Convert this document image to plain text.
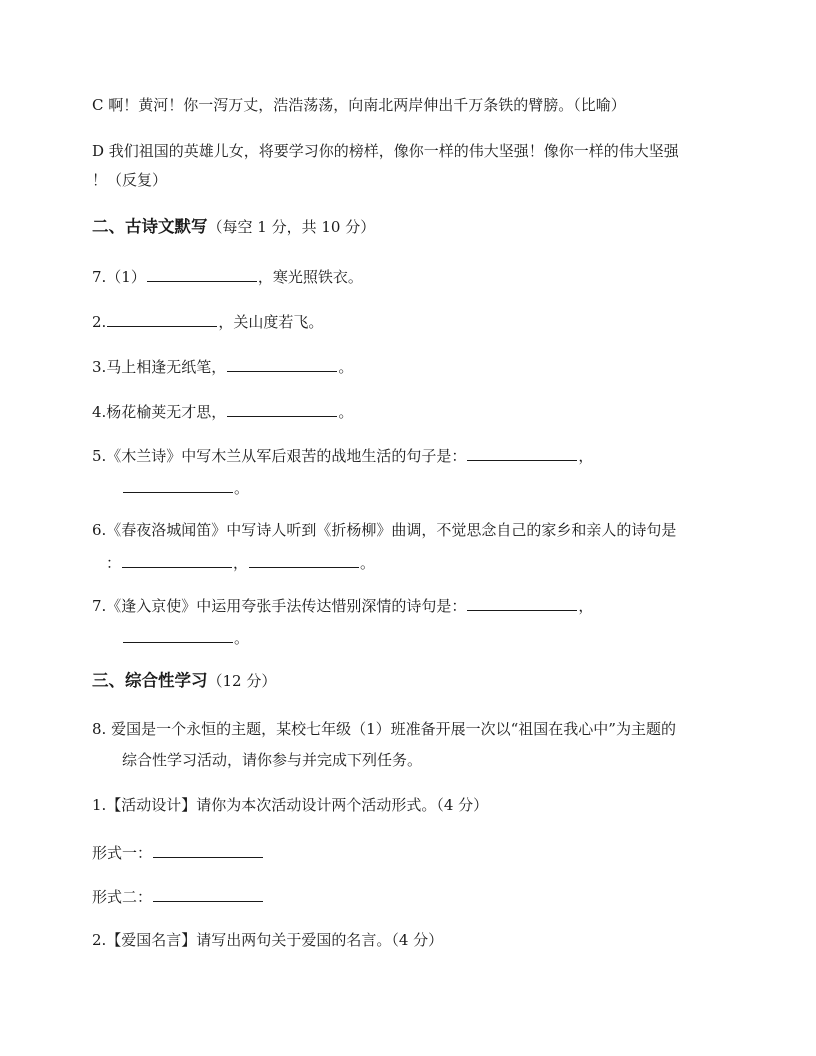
C 啊！黄河！你一泻万丈，浩浩荡荡，向南北两岸伸出千万条铁的臂膀。（比喻）
D 我们祖国的英雄儿女，将要学习你的榜样，像你一样的伟大坚强！像你一样的伟大坚强
！（反复）
二、古诗文默写（每空 1 分，共 10 分）
7.（1）	，寒光照铁衣。
2.	，关山度若飞。
3.马上相逢无纸笔，	。
4.杨花榆荚无才思，	。
5.《木兰诗》中写木兰从军后艰苦的战地生活的句子是：	，
。
6.《春夜洛城闻笛》中写诗人听到《折杨柳》曲调，不觉思念自己的家乡和亲人的诗句是
：	，	。
7.《逢入京使》中运用夸张手法传达惜别深情的诗句是：	，
。
三、综合性学习（12 分）
8. 爱国是一个永恒的主题，某校七年级（1）班准备开展一次以“祖国在我心中”为主题的
综合性学习活动，请你参与并完成下列任务。
1.【活动设计】请你为本次活动设计两个活动形式。（4 分）
形式一：
形式二：
2.【爱国名言】请写出两句关于爱国的名言。（4 分）
